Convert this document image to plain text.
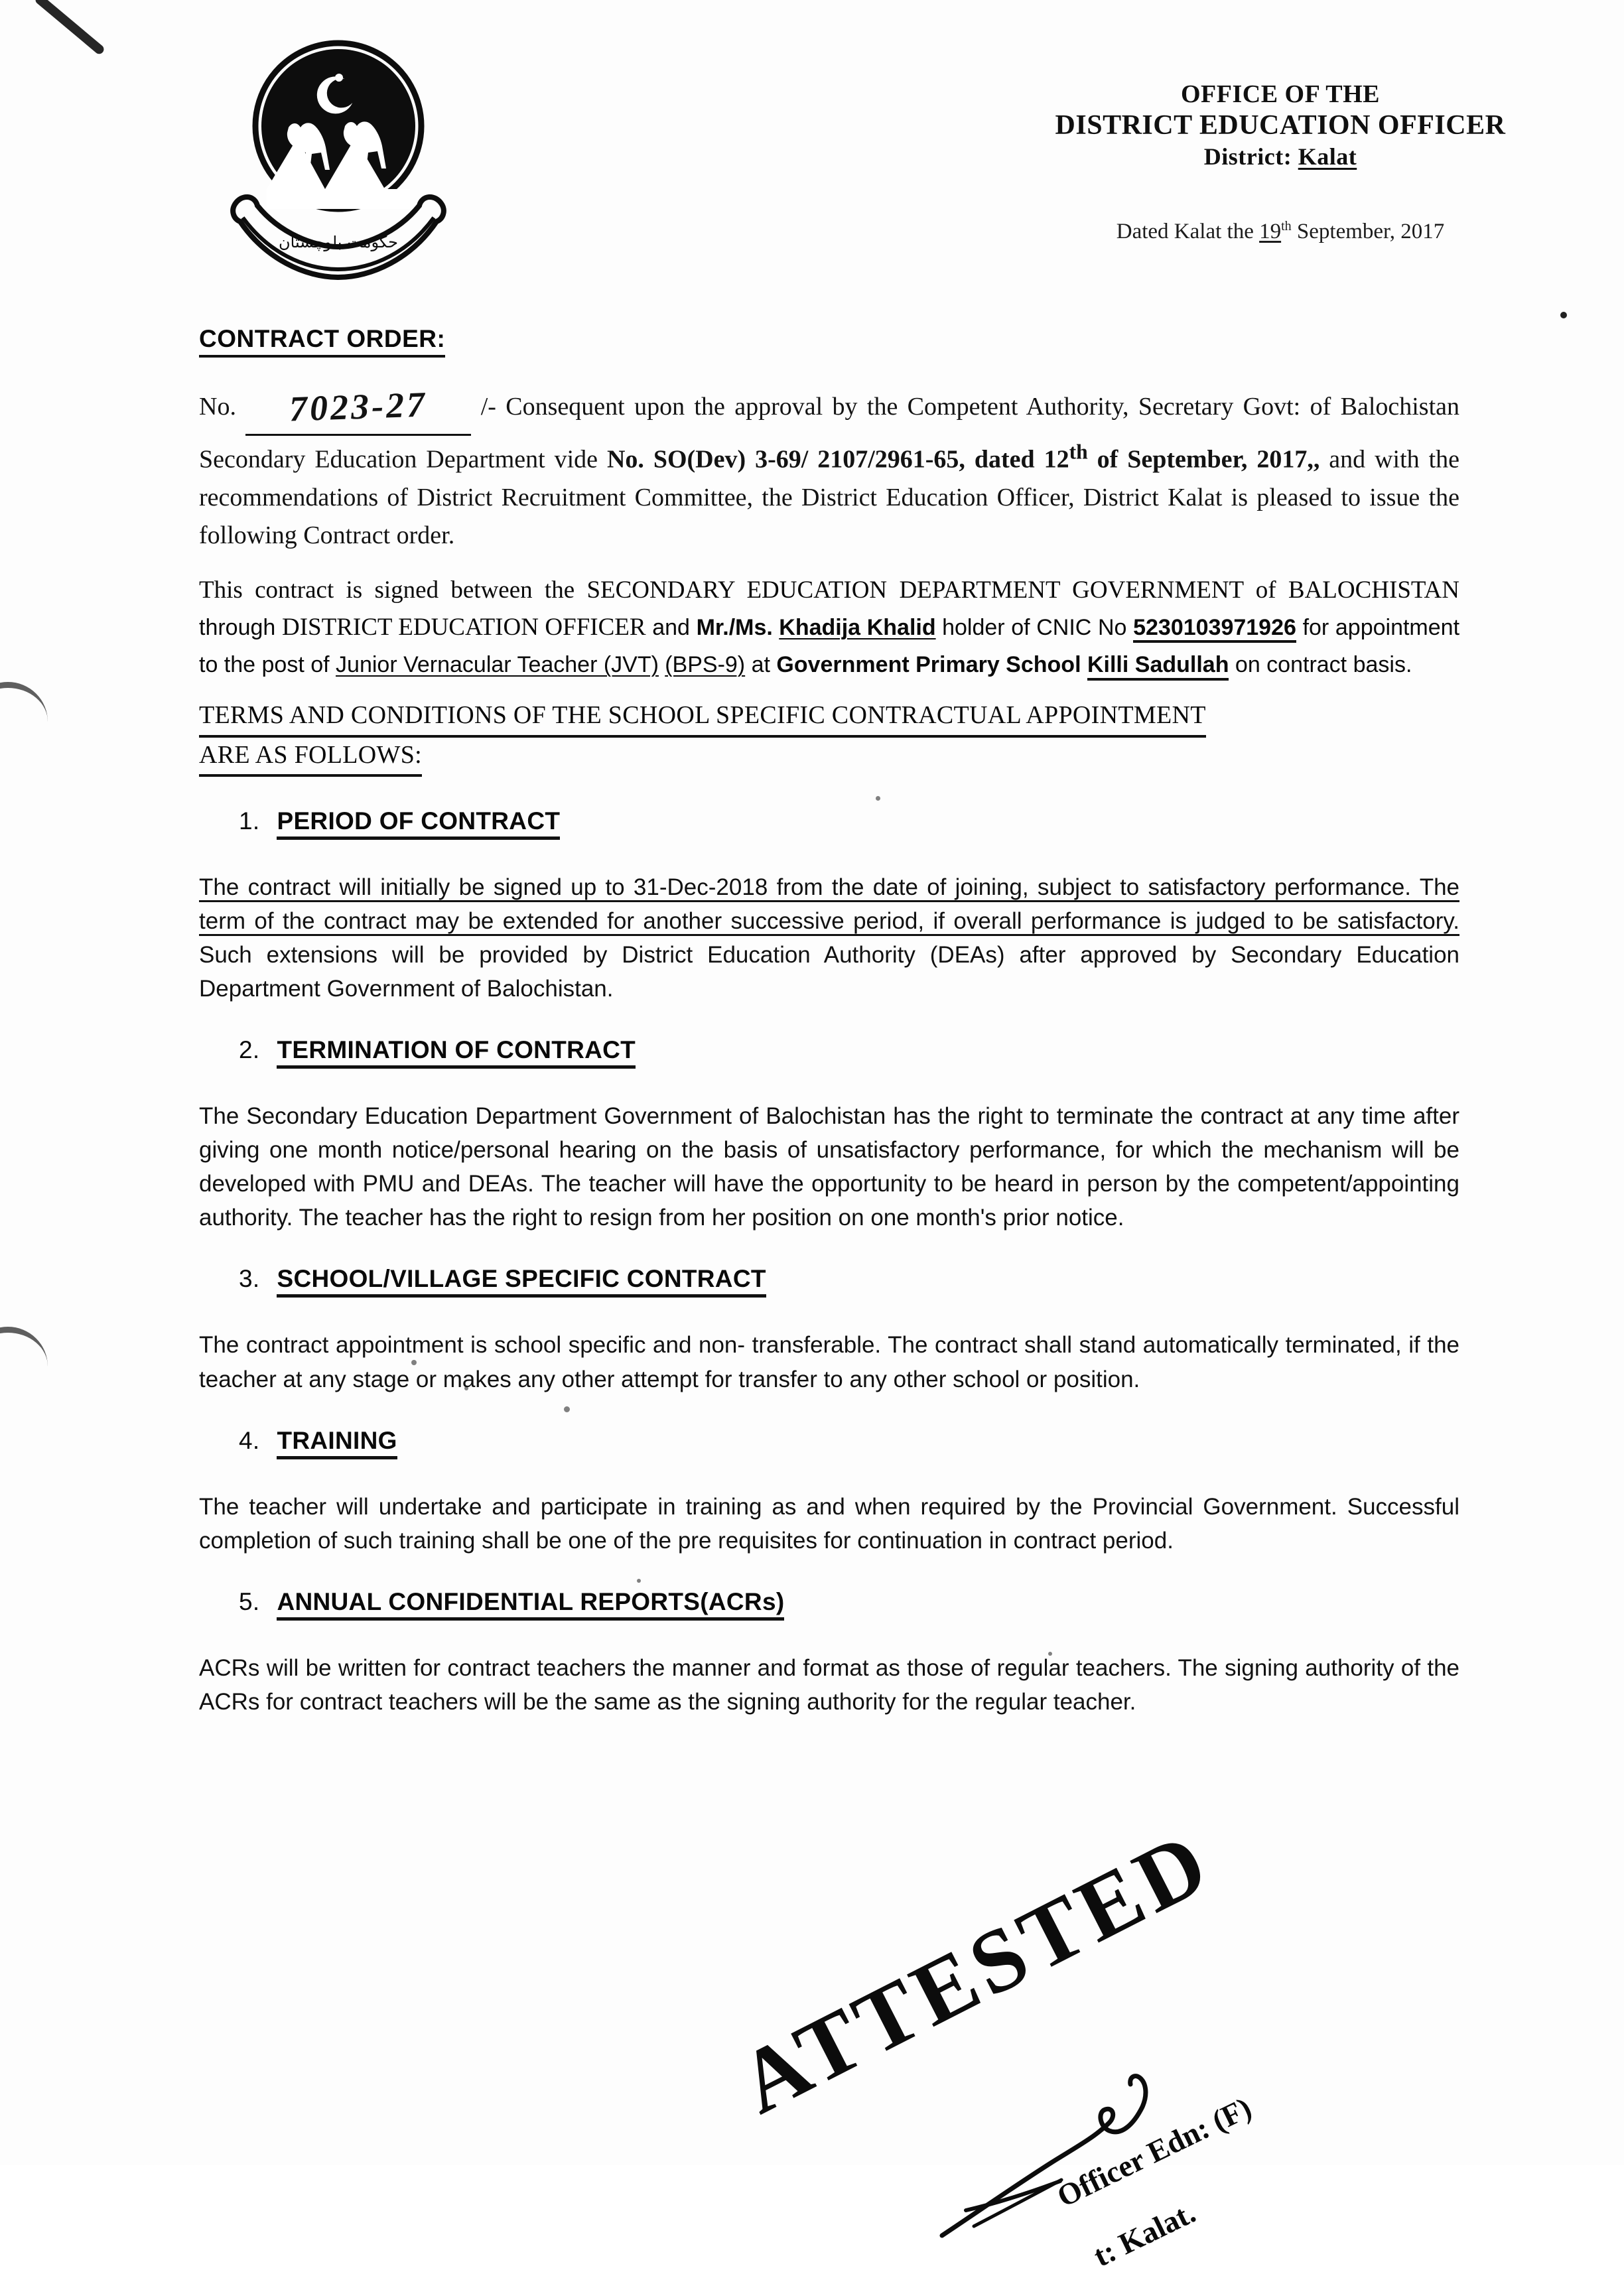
حکومت بلوچستان
OFFICE OF THE
DISTRICT EDUCATION OFFICER
District: Kalat
Dated Kalat the 19th September, 2017
CONTRACT ORDER:
No. 7023-27 /- Consequent upon the approval by the Competent Authority, Secretary Govt: of Balochistan Secondary Education Department vide No. SO(Dev) 3-69/ 2107/2961-65, dated 12th of September, 2017,, and with the recommendations of District Recruitment Committee, the District Education Officer, District Kalat is pleased to issue the following Contract order.
This contract is signed between the SECONDARY EDUCATION DEPARTMENT GOVERNMENT of BALOCHISTAN through DISTRICT EDUCATION OFFICER and Mr./Ms. Khadija Khalid holder of CNIC No 5230103971926 for appointment to the post of Junior Vernacular Teacher (JVT) (BPS-9) at Government Primary School Killi Sadullah on contract basis.
TERMS AND CONDITIONS OF THE SCHOOL SPECIFIC CONTRACTUAL APPOINTMENT
ARE AS FOLLOWS:
1. PERIOD OF CONTRACT
The contract will initially be signed up to 31-Dec-2018 from the date of joining, subject to satisfactory performance. The term of the contract may be extended for another successive period, if overall performance is judged to be satisfactory. Such extensions will be provided by District Education Authority (DEAs) after approved by Secondary Education Department Government of Balochistan.
2. TERMINATION OF CONTRACT
The Secondary Education Department Government of Balochistan has the right to terminate the contract at any time after giving one month notice/personal hearing on the basis of unsatisfactory performance, for which the mechanism will be developed with PMU and DEAs. The teacher will have the opportunity to be heard in person by the competent/appointing authority. The teacher has the right to resign from her position on one month's prior notice.
3. SCHOOL/VILLAGE SPECIFIC CONTRACT
The contract appointment is school specific and non- transferable. The contract shall stand automatically terminated, if the teacher at any stage or makes any other attempt for transfer to any other school or position.
4. TRAINING
The teacher will undertake and participate in training as and when required by the Provincial Government. Successful completion of such training shall be one of the pre requisites for continuation in contract period.
5. ANNUAL CONFIDENTIAL REPORTS(ACRs)
ACRs will be written for contract teachers the manner and format as those of regular teachers. The signing authority of the ACRs for contract teachers will be the same as the signing authority for the regular teacher.
ATTESTED
Officer Edn: (F)
t: Kalat.
